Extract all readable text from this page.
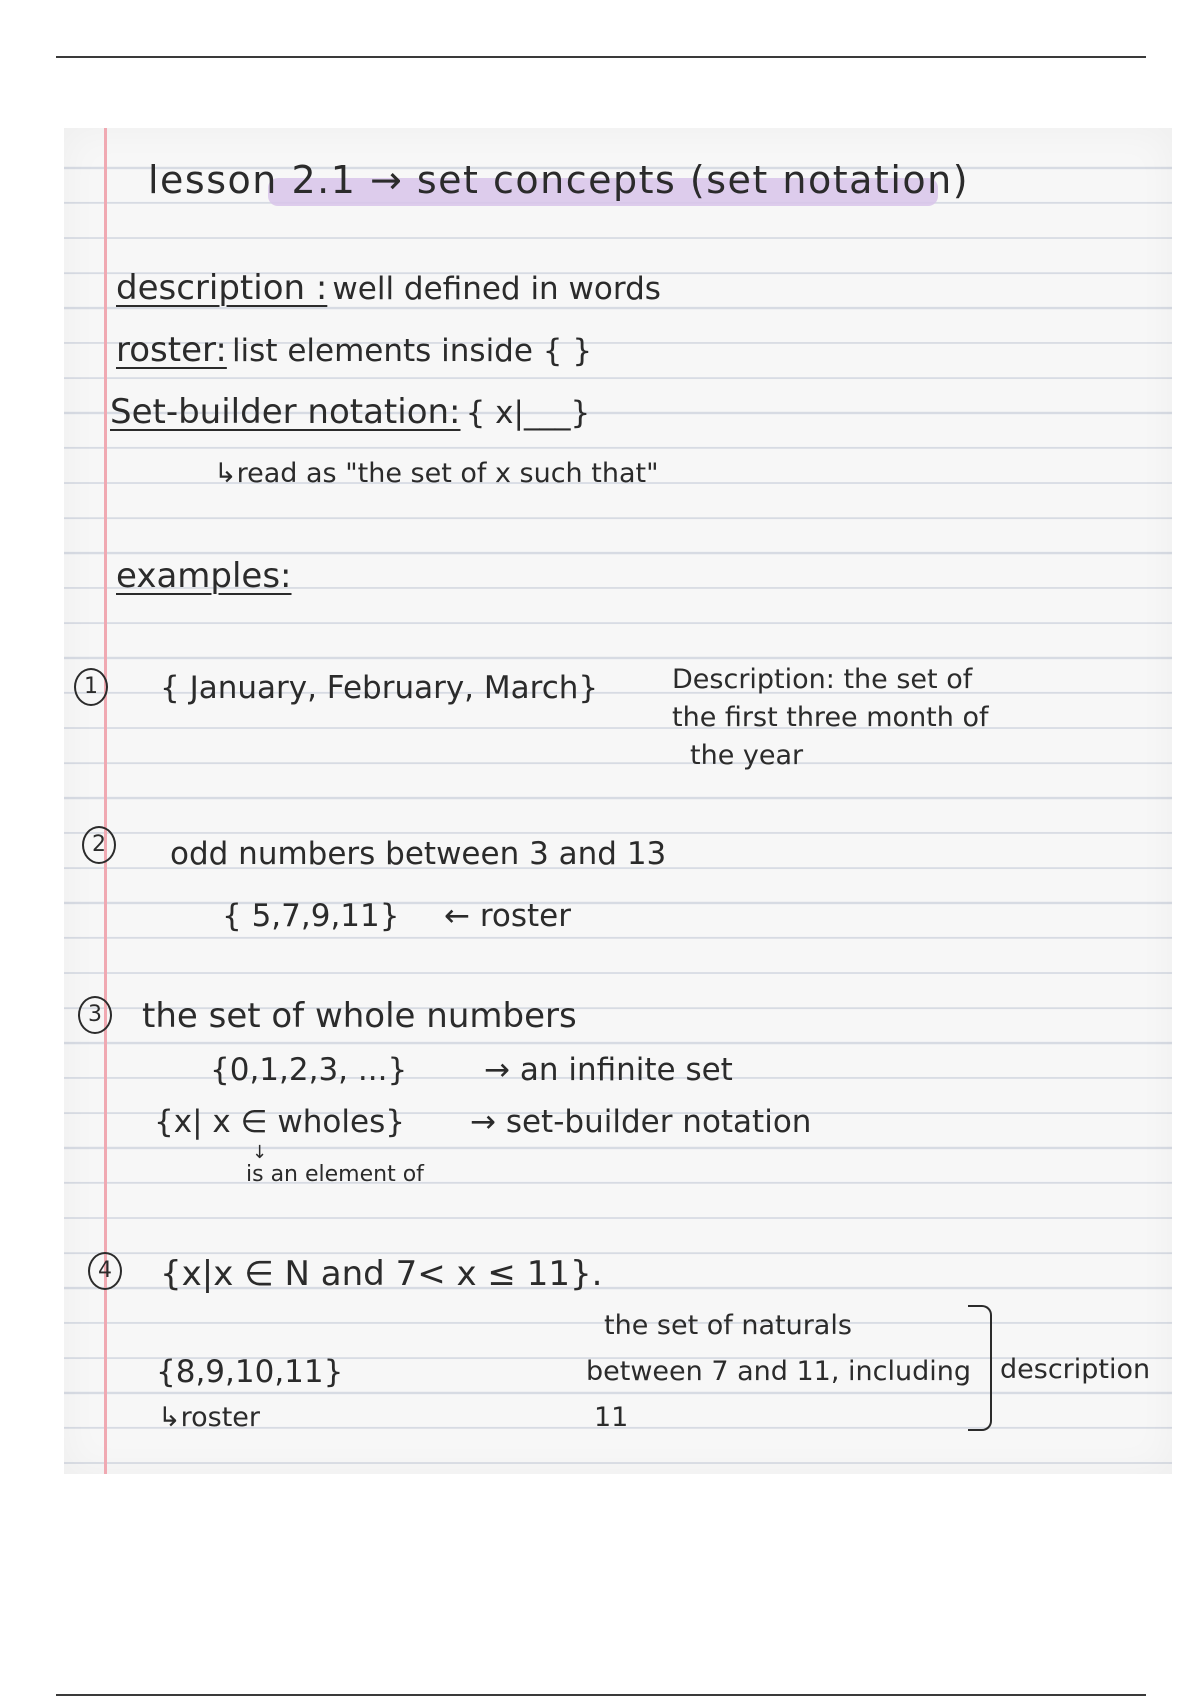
lesson 2.1 → set concepts (set notation)
description : well defined in words
roster: list elements inside { }
Set-builder notation: { x|___}
↳read as "the set of x such that"
examples:
1	{ January, February, March}	Description: the set of
the first three month of
the year
2	odd numbers between 3 and 13
{ 5,7,9,11} ← roster
3 the set of whole numbers
{0,1,2,3, ...} → an infinite set
{x| x ∈ wholes} → set-builder notation
↓
is an element of
4 {x|x ∈ N and 7< x ≤ 11}.
the set of naturals
between 7 and 11, including
11
description
{8,9,10,11}
↳roster
